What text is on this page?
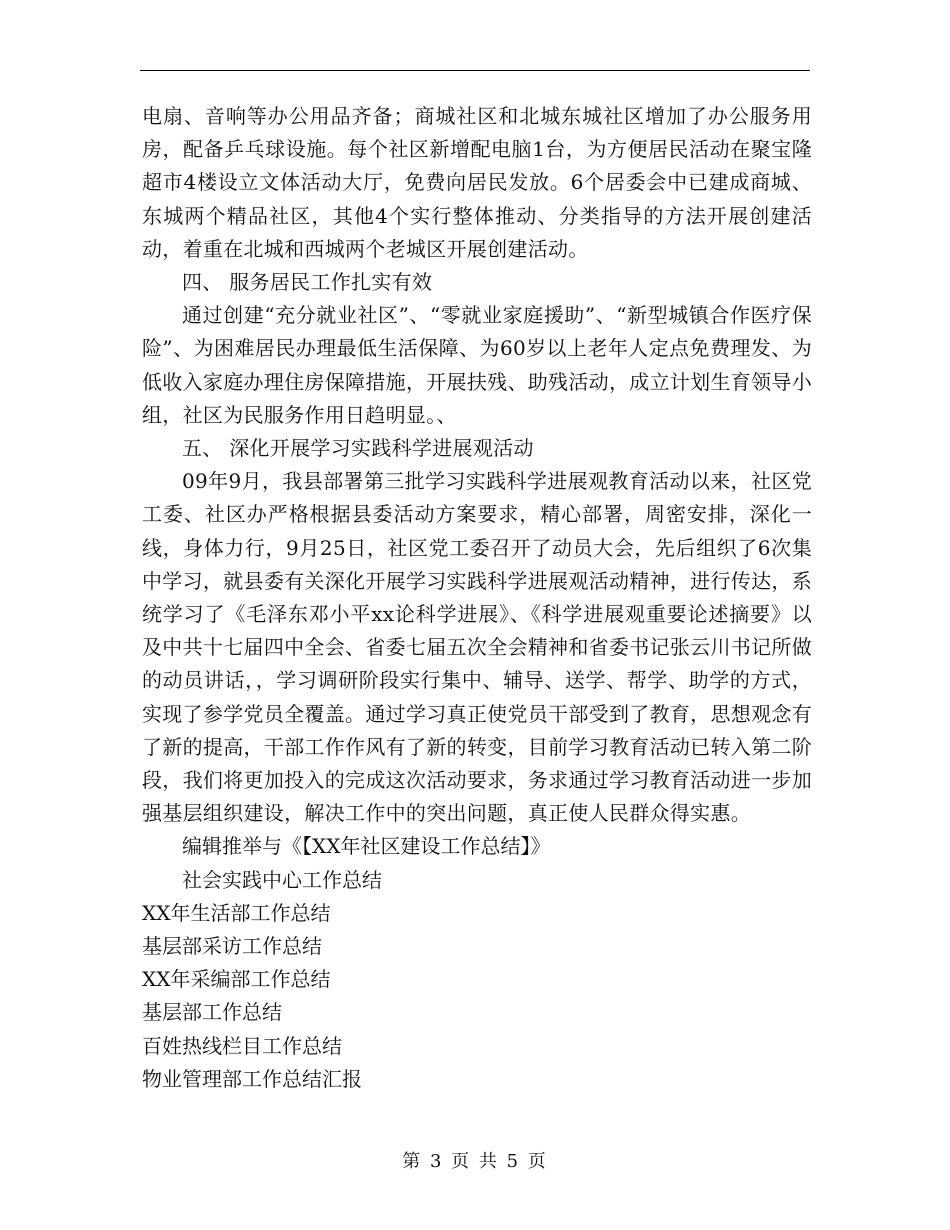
电扇、音响等办公用品齐备；商城社区和北城东城社区增加了办公服务用房，配备乒乓球设施。每个社区新增配电脑1台，为方便居民活动在聚宝隆超市4楼设立文体活动大厅，免费向居民发放。6个居委会中已建成商城、东城两个精品社区，其他4个实行整体推动、分类指导的方法开展创建活动，着重在北城和西城两个老城区开展创建活动。

四、 服务居民工作扎实有效

通过创建“充分就业社区”、“零就业家庭援助”、“新型城镇合作医疗保险”、为困难居民办理最低生活保障、为60岁以上老年人定点免费理发、为低收入家庭办理住房保障措施，开展扶残、助残活动，成立计划生育领导小组，社区为民服务作用日趋明显。、

五、 深化开展学习实践科学进展观活动

09年9月，我县部署第三批学习实践科学进展观教育活动以来，社区党工委、社区办严格根据县委活动方案要求，精心部署，周密安排，深化一线，身体力行，9月25日，社区党工委召开了动员大会，先后组织了6次集中学习，就县委有关深化开展学习实践科学进展观活动精神，进行传达，系统学习了《毛泽东邓小平xx论科学进展》、《科学进展观重要论述摘要》以及中共十七届四中全会、省委七届五次全会精神和省委书记张云川书记所做的动员讲话，，学习调研阶段实行集中、辅导、送学、帮学、助学的方式，实现了参学党员全覆盖。通过学习真正使党员干部受到了教育，思想观念有了新的提高，干部工作作风有了新的转变，目前学习教育活动已转入第二阶段，我们将更加投入的完成这次活动要求，务求通过学习教育活动进一步加强基层组织建设，解决工作中的突出问题，真正使人民群众得实惠。

编辑推举与《【XX年社区建设工作总结】》

社会实践中心工作总结

XX年生活部工作总结

基层部采访工作总结

XX年采编部工作总结

基层部工作总结

百姓热线栏目工作总结

物业管理部工作总结汇报

第 3 页 共 5 页
